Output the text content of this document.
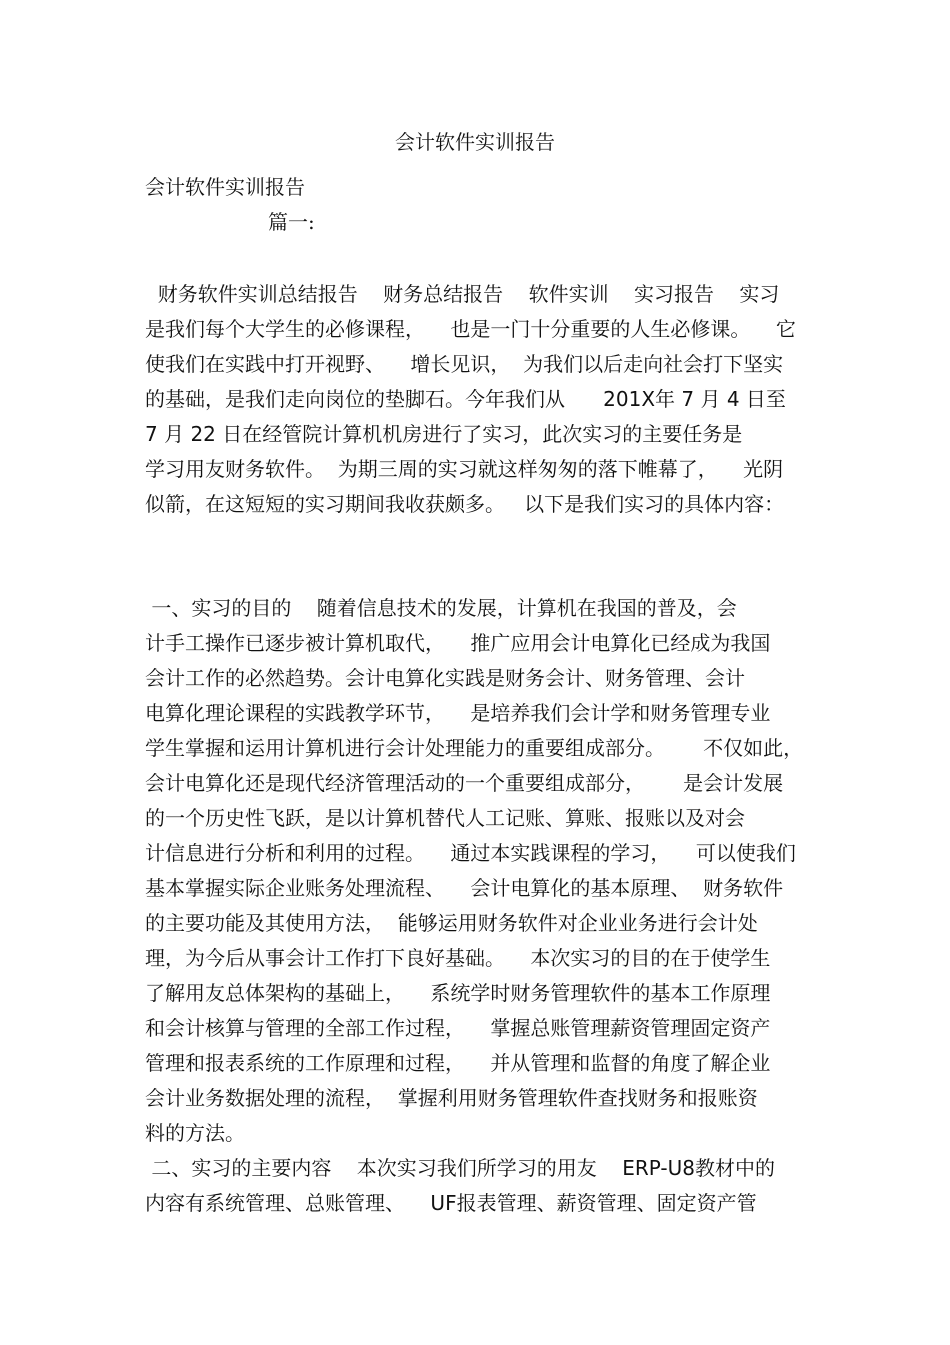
会计软件实训报告
会计软件实训报告
篇一:
财务软件实训总结报告    财务总结报告    软件实训    实习报告    实习
是我们每个大学生的必修课程，    也是一门十分重要的人生必修课。    它
使我们在实践中打开视野、    增长见识，  为我们以后走向社会打下坚实
的基础，是我们走向岗位的垫脚石。今年我们从      201X年 7 月 4 日至
7 月 22 日在经管院计算机机房进行了实习，此次实习的主要任务是
学习用友财务软件。  为期三周的实习就这样匆匆的落下帷幕了，    光阴
似箭，在这短短的实习期间我收获颇多。   以下是我们实习的具体内容：
一、实习的目的    随着信息技术的发展，计算机在我国的普及，会
计手工操作已逐步被计算机取代，    推广应用会计电算化已经成为我国
会计工作的必然趋势。会计电算化实践是财务会计、财务管理、会计
电算化理论课程的实践教学环节，    是培养我们会计学和财务管理专业
学生掌握和运用计算机进行会计处理能力的重要组成部分。      不仅如此，
会计电算化还是现代经济管理活动的一个重要组成部分，      是会计发展
的一个历史性飞跃，是以计算机替代人工记账、算账、报账以及对会
计信息进行分析和利用的过程。    通过本实践课程的学习，    可以使我们
基本掌握实际企业账务处理流程、    会计电算化的基本原理、  财务软件
的主要功能及其使用方法，  能够运用财务软件对企业业务进行会计处
理，为今后从事会计工作打下良好基础。    本次实习的目的在于使学生
了解用友总体架构的基础上，    系统学时财务管理软件的基本工作原理
和会计核算与管理的全部工作过程，    掌握总账管理薪资管理固定资产
管理和报表系统的工作原理和过程，    并从管理和监督的角度了解企业
会计业务数据处理的流程，  掌握利用财务管理软件查找财务和报账资
料的方法。
二、实习的主要内容    本次实习我们所学习的用友    ERP-U8教材中的
内容有系统管理、总账管理、    UF报表管理、薪资管理、固定资产管
